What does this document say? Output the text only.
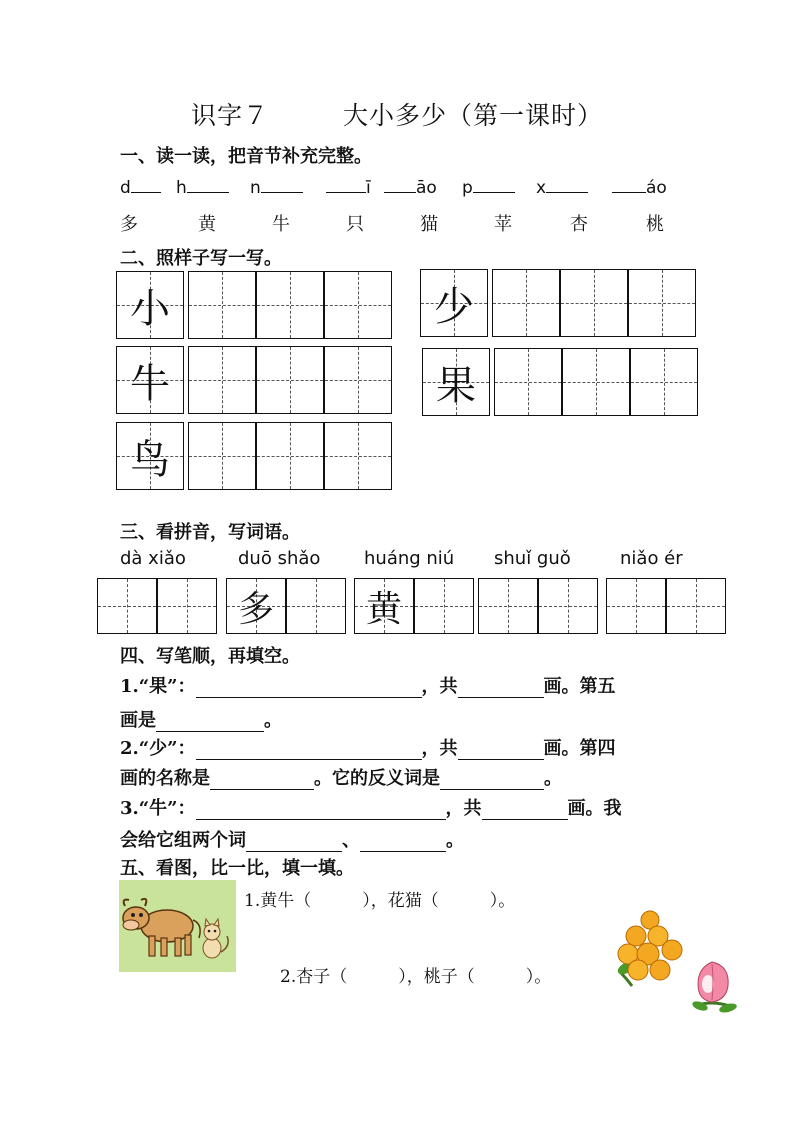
识字７	大小多少（第一课时）
一、读一读，把音节补充完整。
d	h	n	ī	āo p	x	áo
多	黄	牛	只	猫	苹	杏	桃
二、照样子写一写。
小	少
牛	果
鸟
三、看拼音，写词语。
dà xiǎo	duō shǎo huáng niú shuǐ guǒ	niǎo ér
多	黄
四、写笔顺，再填空。
1.“果”：	，共	画。第五
画是	。
2.“少”：	，共	画。第四
画的名称是	。它的反义词是	。
3.“牛”：	，共	画。我
会给它组两个词	、	。
五、看图，比一比，填一填。
1.黄牛（　　　），花猫（　　　）。
2.杏子（　　　），桃子（　　　）。
